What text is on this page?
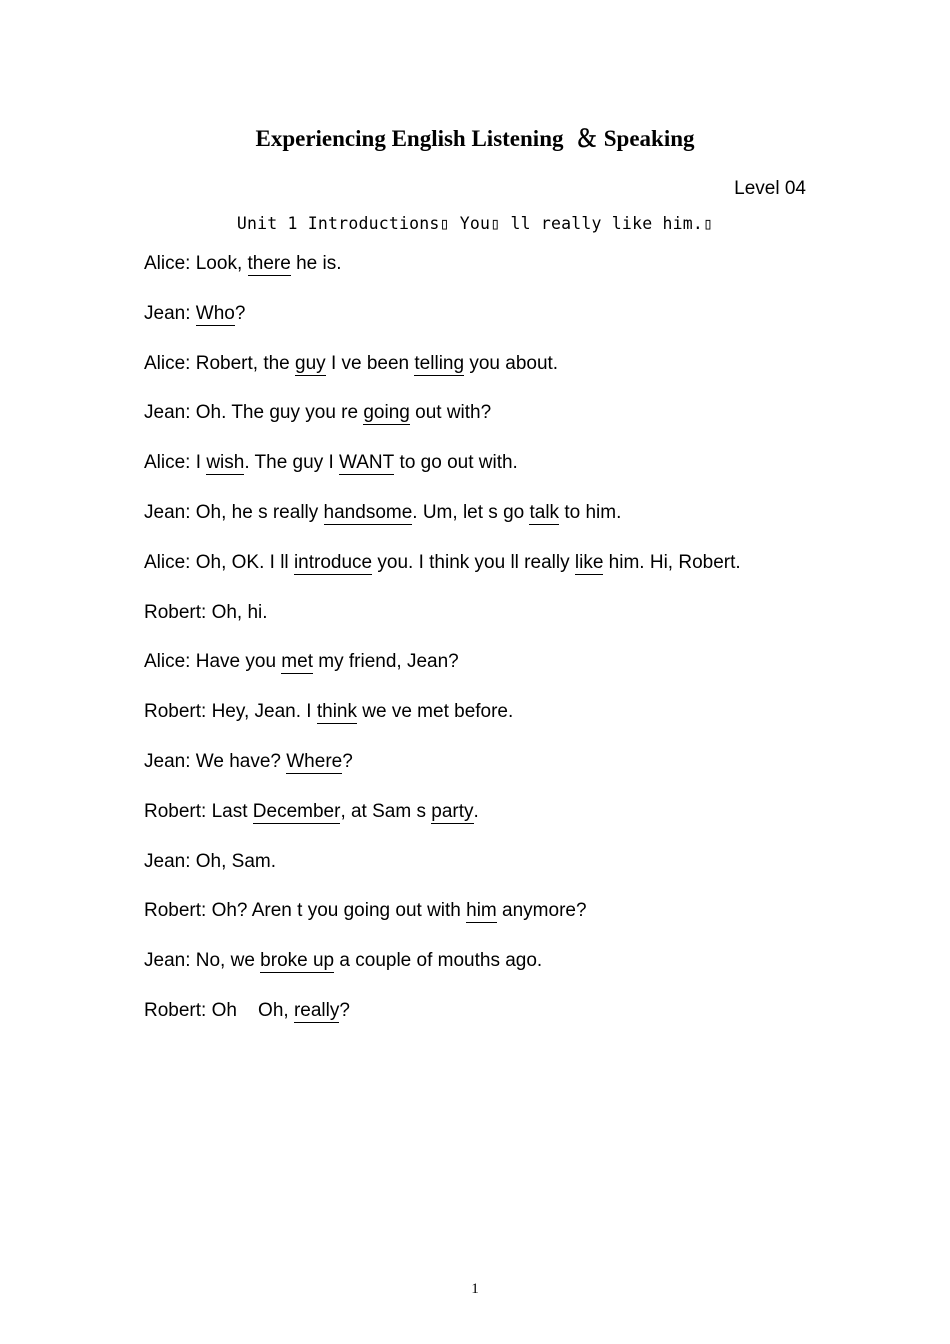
Experiencing English Listening  ＆ Speaking
Level 04
Unit 1 Introductions▯ You▯ ll really like him.▯
Alice: Look, there he is.
Jean: Who?
Alice: Robert, the guy I ve been telling you about.
Jean: Oh. The guy you re going out with?
Alice: I wish. The guy I WANT to go out with.
Jean: Oh, he s really handsome. Um, let s go talk to him.
Alice: Oh, OK. I ll introduce you. I think you ll really like him. Hi, Robert.
Robert: Oh, hi.
Alice: Have you met my friend, Jean?
Robert: Hey, Jean. I think we ve met before.
Jean: We have? Where?
Robert: Last December, at Sam s party.
Jean: Oh, Sam.
Robert: Oh? Aren t you going out with him anymore?
Jean: No, we broke up a couple of mouths ago.
Robert: Oh    Oh, really?
1
